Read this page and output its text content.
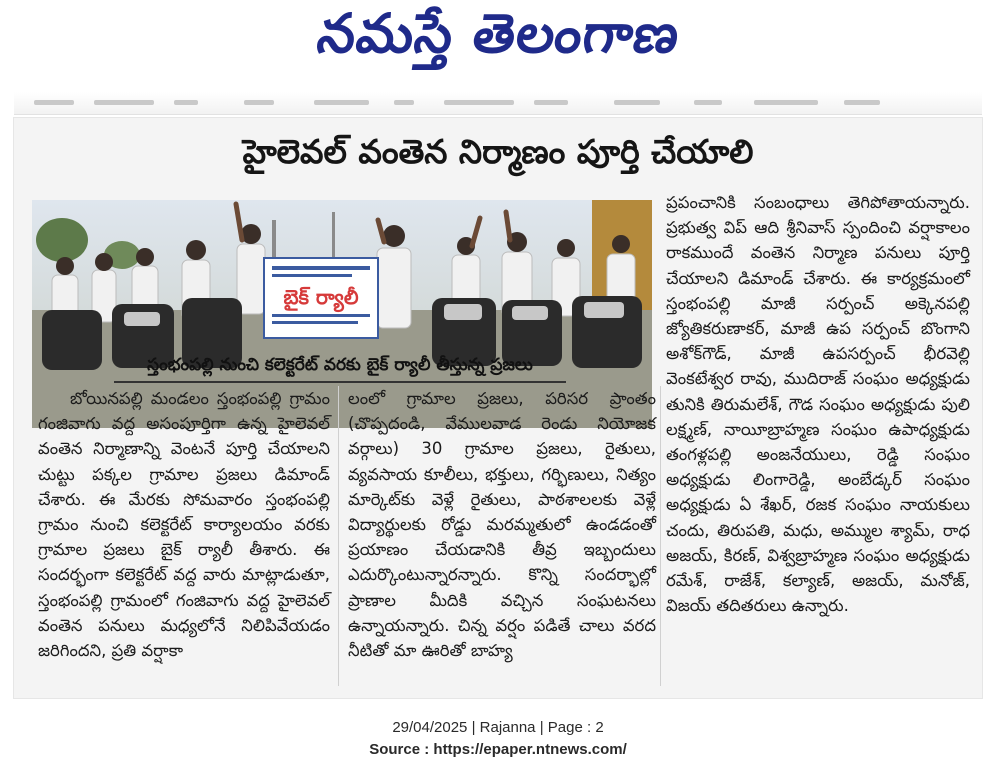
నమస్తే తెలంగాణ
హైలెవల్ వంతెన నిర్మాణం పూర్తి చేయాలి
బైక్ ర్యాలీ
స్తంభంపల్లి నుంచి కలెక్టరేట్ వరకు బైక్ ర్యాలీ తీస్తున్న ప్రజలు
బోయినపల్లి మండలం స్తంభంపల్లి గ్రామం గంజివాగు వద్ద అసంపూర్తిగా ఉన్న హైలెవల్ వంతెన నిర్మాణాన్ని వెంటనే పూర్తి చేయాలని చుట్టు పక్కల గ్రామాల ప్రజలు డిమాండ్ చేశారు. ఈ మేరకు సోమవారం స్తంభంపల్లి గ్రామం నుంచి కలెక్టరేట్ కార్యాలయం వరకు గ్రామాల ప్రజలు బైక్ ర్యాలీ తీశారు. ఈ సందర్భంగా కలెక్టరేట్ వద్ద వారు మాట్లాడుతూ, స్తంభంపల్లి గ్రామంలో గంజివాగు వద్ద హైలెవల్ వంతెన పనులు మధ్యలోనే నిలిపివేయడం జరిగిందని, ప్రతి వర్షాకా
లంలో గ్రామాల ప్రజలు, పరిసర ప్రాంతం (చొప్పదండి, వేములవాడ రెండు నియోజక వర్గాలు) 30 గ్రామాల ప్రజలు, రైతులు, వ్యవసాయ కూలీలు, భక్తులు, గర్భిణులు, నిత్యం మార్కెట్‌కు వెళ్లే రైతులు, పాఠశాలలకు వెళ్లే విద్యార్థులకు రోడ్డు మరమ్మతులో ఉండడంతో ప్రయాణం చేయడానికి తీవ్ర ఇబ్బందులు ఎదుర్కొంటున్నారన్నారు. కొన్ని సందర్భాల్లో ప్రాణాల మీదికి వచ్చిన సంఘటనలు ఉన్నాయన్నారు. చిన్న వర్షం పడితే చాలు వరద నీటితో మా ఊరితో బాహ్య
ప్రపంచానికి సంబంధాలు తెగిపోతాయన్నారు. ప్రభుత్వ విప్ ఆది శ్రీనివాస్ స్పందించి వర్షాకాలం రాకముందే వంతెన నిర్మాణ పనులు పూర్తి చేయాలని డిమాండ్ చేశారు. ఈ కార్యక్రమంలో స్తంభంపల్లి మాజీ సర్పంచ్ అక్కెనపల్లి జ్యోతికరుణాకర్, మాజీ ఉప సర్పంచ్ బొంగాని అశోక్‌గౌడ్, మాజీ ఉపసర్పంచ్ భీరవెల్లి వెంకటేశ్వర రావు, ముదిరాజ్ సంఘం అధ్యక్షుడు తునికి తిరుమలేశ్, గౌడ సంఘం అధ్యక్షుడు పులి లక్ష్మణ్, నాయీబ్రాహ్మణ సంఘం ఉపాధ్యక్షుడు తంగళ్లపల్లి అంజనేయులు, రెడ్డి సంఘం అధ్యక్షుడు లింగారెడ్డి, అంబేడ్కర్ సంఘం అధ్యక్షుడు ఏ శేఖర్, రజక సంఘం నాయకులు చందు, తిరుపతి, మధు, అమ్ముల శ్యామ్, రాధ అజయ్, కిరణ్, విశ్వబ్రాహ్మణ సంఘం అధ్యక్షుడు రమేశ్, రాజేశ్, కల్యాణ్, అజయ్, మనోజ్, విజయ్ తదితరులు ఉన్నారు.
29/04/2025 | Rajanna | Page : 2
Source : https://epaper.ntnews.com/
